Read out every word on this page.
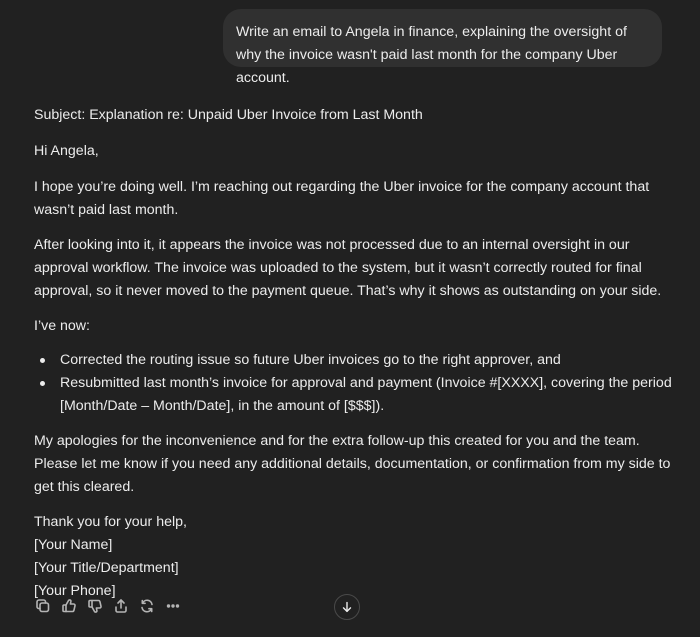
Write an email to Angela in finance, explaining the oversight of why the invoice wasn't paid last month for the company Uber account.

Subject: Explanation re: Unpaid Uber Invoice from Last Month

Hi Angela,

I hope you’re doing well. I’m reaching out regarding the Uber invoice for the company account that wasn’t paid last month.

After looking into it, it appears the invoice was not processed due to an internal oversight in our approval workflow. The invoice was uploaded to the system, but it wasn’t correctly routed for final approval, so it never moved to the payment queue. That’s why it shows as outstanding on your side.

I’ve now:

Corrected the routing issue so future Uber invoices go to the right approver, and
Resubmitted last month’s invoice for approval and payment (Invoice #[XXXX], covering the period [Month/Date – Month/Date], in the amount of [$$$]).

My apologies for the inconvenience and for the extra follow-up this created for you and the team. Please let me know if you need any additional details, documentation, or confirmation from my side to get this cleared.

Thank you for your help,
[Your Name]
[Your Title/Department]
[Your Phone]
